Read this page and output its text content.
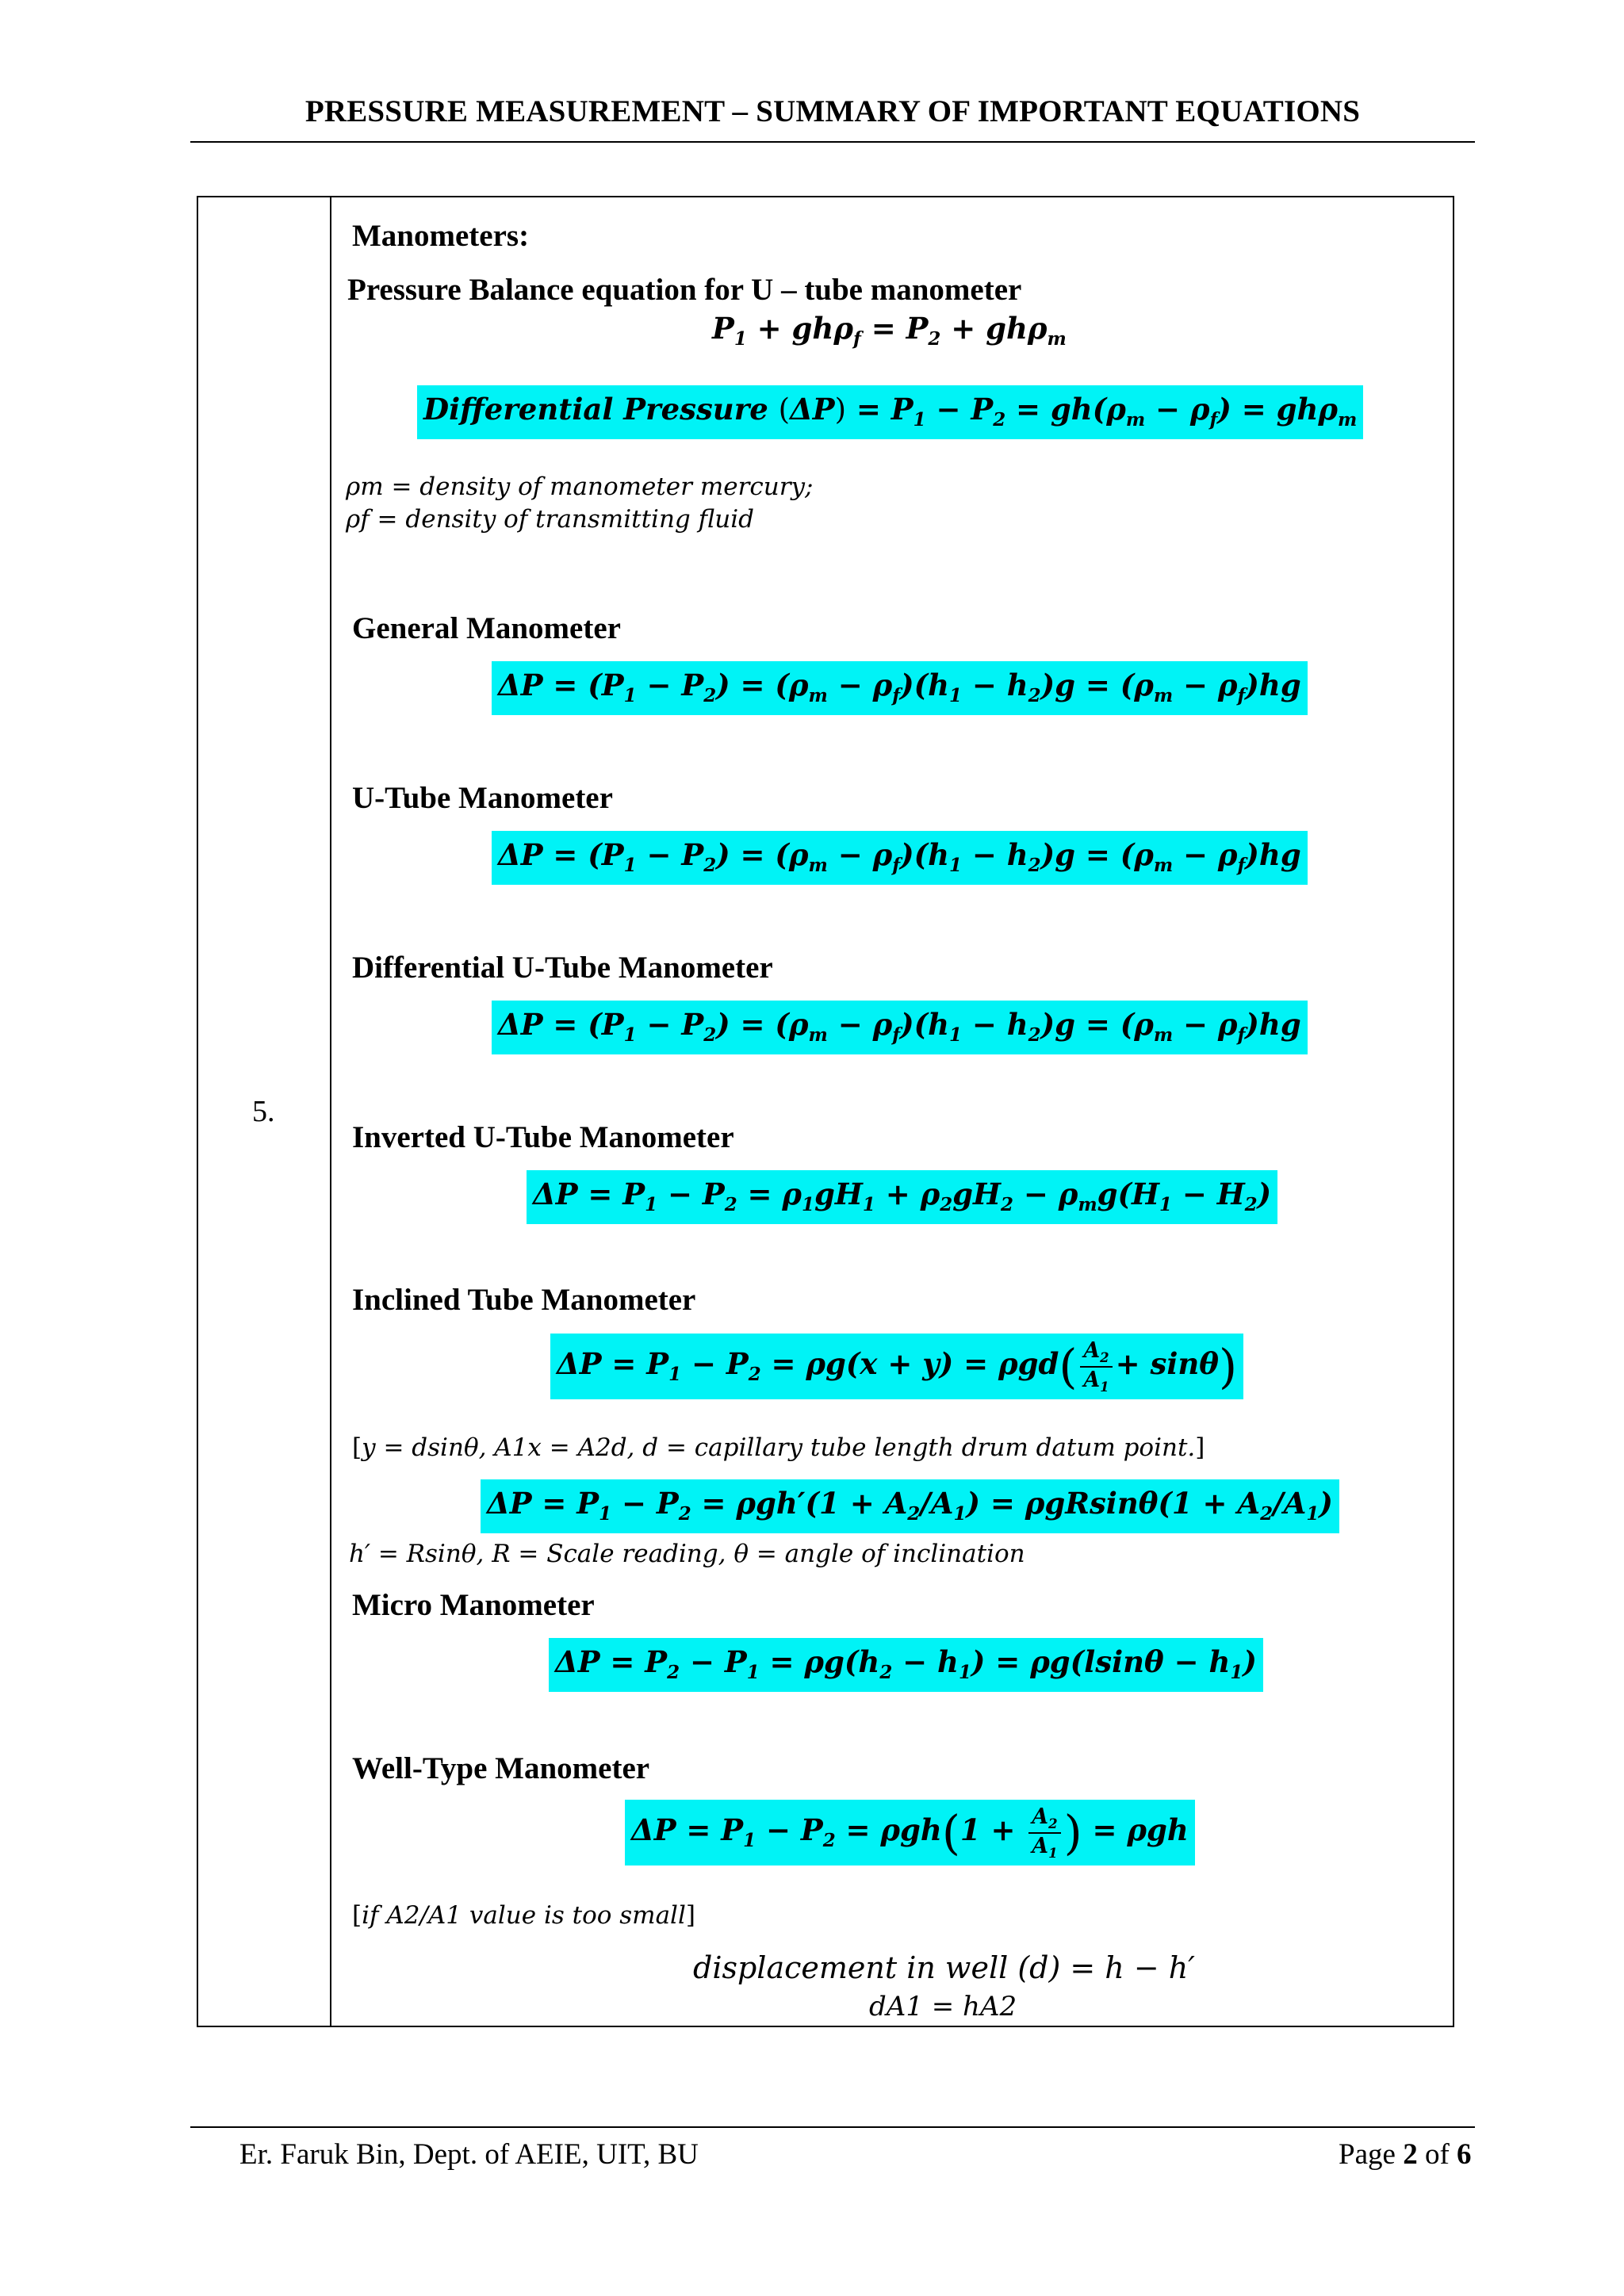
PRESSURE MEASUREMENT – SUMMARY OF IMPORTANT EQUATIONS
5.
Manometers:
Pressure Balance equation for U – tube manometer
$P_1 + gh\rho_f = P_2 + gh\rho_m$
Differential Pressure $(\Delta P) = P_1 - P_2 = gh(\rho_m - \rho_f) = gh\rho_m$
ρm = density of manometer mercury;
ρf = density of transmitting fluid
General Manometer
$\Delta P = (P_1 - P_2) = (\rho_m - \rho_f)(h_1 - h_2)g = (\rho_m - \rho_f)hg$
U-Tube Manometer
$\Delta P = (P_1 - P_2) = (\rho_m - \rho_f)(h_1 - h_2)g = (\rho_m - \rho_f)hg$
Differential U-Tube Manometer
$\Delta P = (P_1 - P_2) = (\rho_m - \rho_f)(h_1 - h_2)g = (\rho_m - \rho_f)hg$
Inverted U-Tube Manometer
$\Delta P = P_1 - P_2 = \rho_1gH_1 + \rho_2gH_2 - \rho_mg(H_1 - H_2)$
Inclined Tube Manometer
$\Delta P = P_1 - P_2 = \rho g(x + y) = \rho gd( \frac{A_2}{A_1} + \sin\theta)$
[y = dsinθ, A1x = A2d, d = capillary tube length drum datum point.]
$\Delta P = P_1 - P_2 = \rho gh'(1 + A_2/A_1) = \rho gRsin\theta(1 + A_2/A_1)$
h′ = Rsinθ, R = Scale reading, θ = angle of inclination
Micro Manometer
$\Delta P = P_2 - P_1 = \rho g(h_2 - h_1) = \rho g(lsin\theta - h_1)$
Well-Type Manometer
$\Delta P = P_1 - P_2 = \rho gh(1 + \frac{A_2}{A_1}$ ) = ρgh
[if A2/A1 value is too small]
displacement in well (d) = h − h′
dA1 = hA2
Er. Faruk Bin, Dept. of AEIE, UIT, BU	Page 2 of 6
